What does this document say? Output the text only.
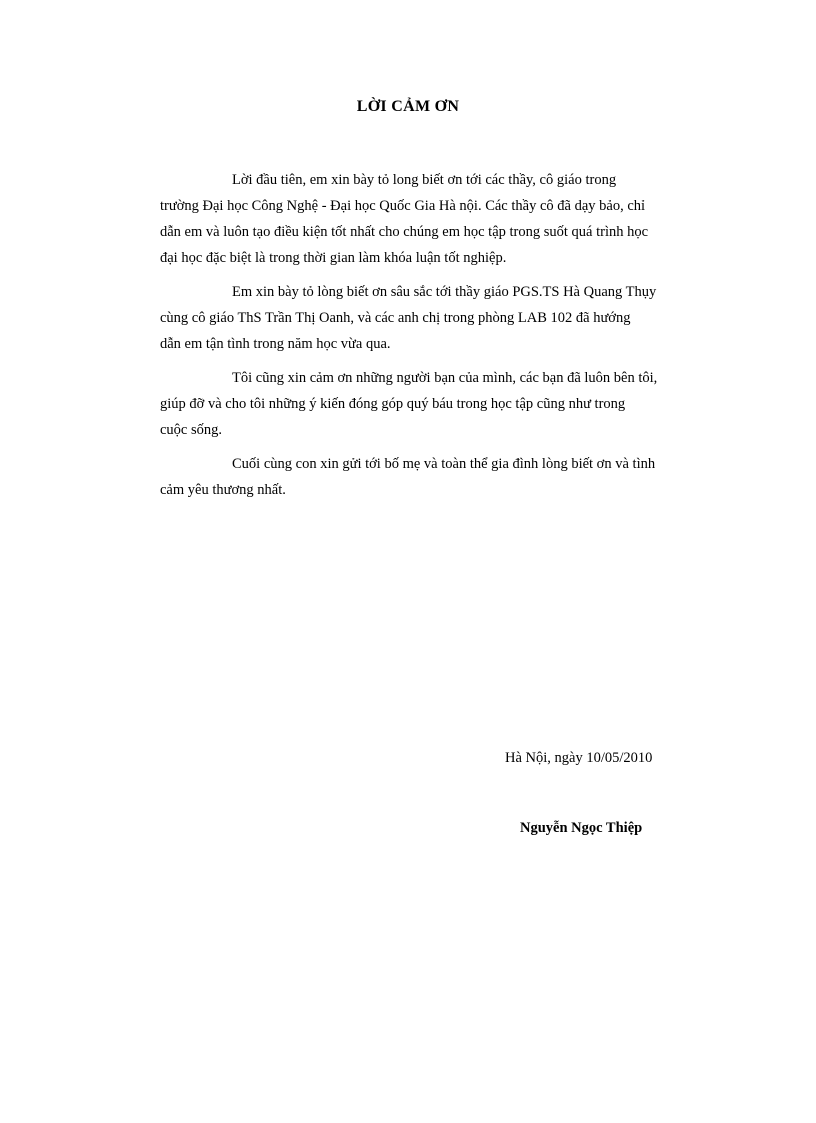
LỜI CẢM ƠN
Lời đầu tiên, em xin bày tỏ long biết ơn tới các thầy, cô giáo trong
trường Đại học Công Nghệ - Đại học Quốc Gia Hà nội. Các thầy cô đã dạy bảo, chỉ
dẫn em và luôn tạo điều kiện tốt nhất cho chúng em học tập trong suốt quá trình học
đại học đặc biệt là trong thời gian làm khóa luận tốt nghiệp.
Em xin bày tỏ lòng biết ơn sâu sắc tới thầy giáo PGS.TS Hà Quang Thụy
cùng cô giáo ThS Trần Thị Oanh, và các anh chị trong phòng LAB 102 đã hướng
dẫn em tận tình trong năm học vừa qua.
Tôi cũng xin cảm ơn những người bạn của mình, các bạn đã luôn bên tôi,
giúp đỡ và cho tôi những ý kiến đóng góp quý báu trong học tập cũng như trong
cuộc sống.
Cuối cùng con xin gửi tới bố mẹ và toàn thể gia đình lòng biết ơn và tình
cảm yêu thương nhất.
Hà Nội, ngày 10/05/2010
Nguyễn Ngọc Thiệp
